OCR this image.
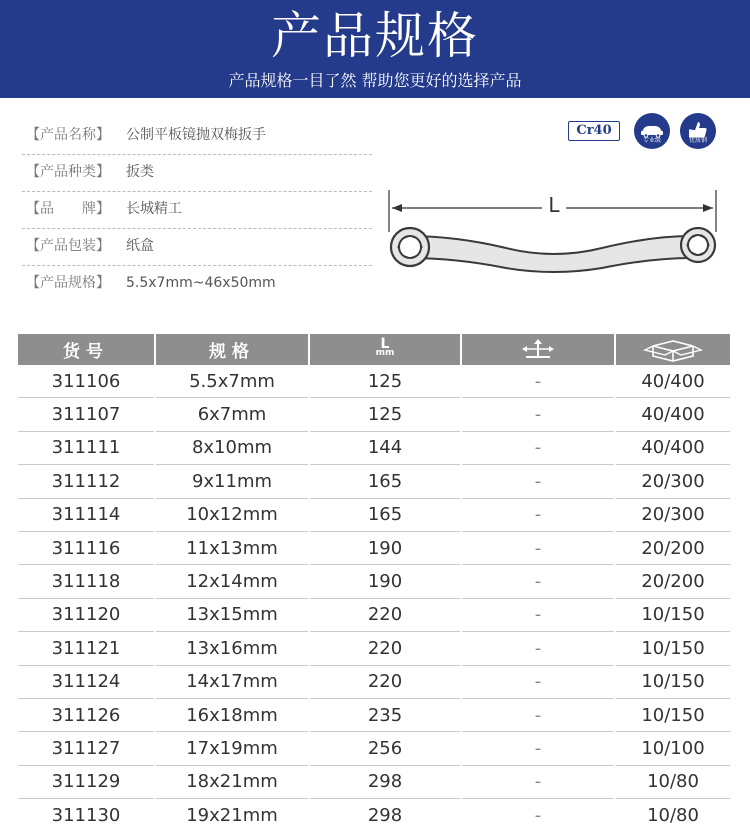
产品规格
产品规格一目了然 帮助您更好的选择产品
【产品名称】 公制平板镜抛双梅扳手
【产品种类】 扳类
【品　　牌】 长城精工
【产品包装】 纸盒
【产品规格】 5.5x7mm~46x50mm
Cr40
专业级	优质钢
L
货号	规格	L
mm

311106	5.5x7mm	125	-	40/400
311107	6x7mm	125	-	40/400
311111	8x10mm	144	-	40/400
311112	9x11mm	165	-	20/300
311114	10x12mm	165	-	20/300
311116	11x13mm	190	-	20/200
311118	12x14mm	190	-	20/200
311120	13x15mm	220	-	10/150
311121	13x16mm	220	-	10/150
311124	14x17mm	220	-	10/150
311126	16x18mm	235	-	10/150
311127	17x19mm	256	-	10/100
311129	18x21mm	298	-	10/80
311130	19x21mm	298	-	10/80
